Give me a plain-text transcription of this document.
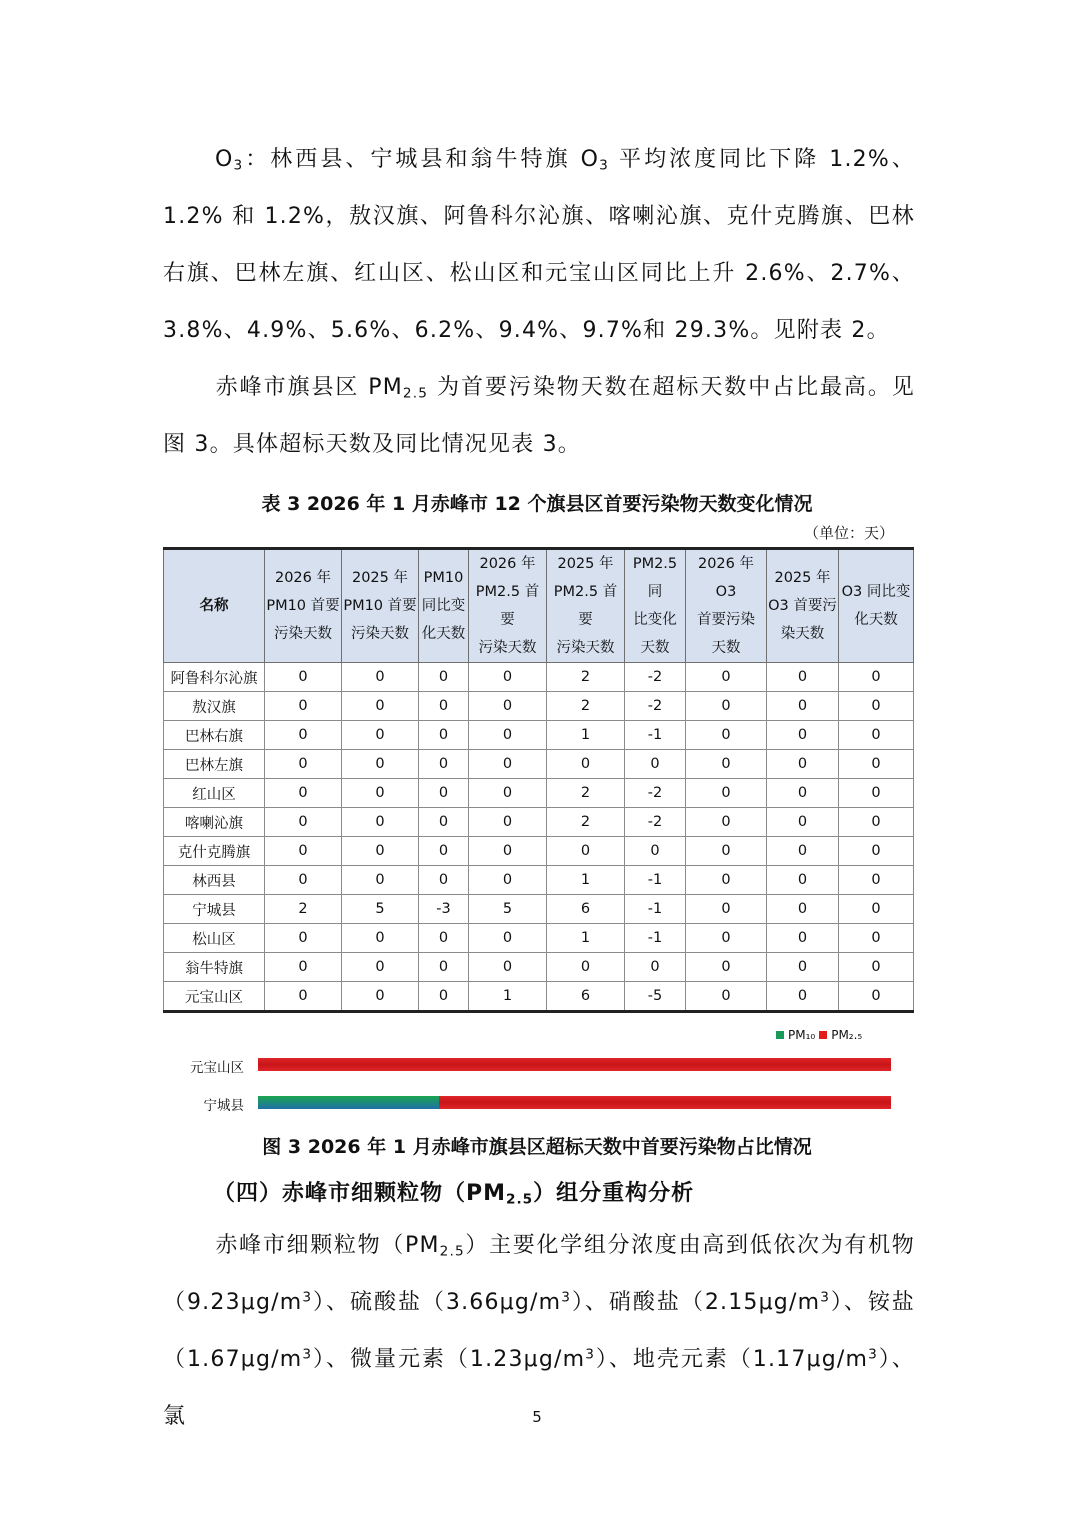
$O_3$：林西县、宁城县和翁牛特旗 $O_3$ 平均浓度同比下降 1.2%、1.2% 和 1.2%，敖汉旗、阿鲁科尔沁旗、喀喇沁旗、克什克腾旗、巴林右旗、巴林左旗、红山区、松山区和元宝山区同比上升 2.6%、2.7%、3.8%、4.9%、5.6%、6.2%、9.4%、9.7%和 29.3%。见附表 2。

赤峰市旗县区 $PM_{2.5}$ 为首要污染物天数在超标天数中占比最高。见图 3。具体超标天数及同比情况见表 3。

表 3 2026 年 1 月赤峰市 12 个旗县区首要污染物天数变化情况

（单位：天）
名称	2026 年
PM10 首要
污染天数	2025 年
PM10 首要
污染天数	PM10
同比变
化天数	2026 年
PM2.5 首要
污染天数	2025 年
PM2.5 首要
污染天数	PM2.5 同
比变化
天数	2026 年 O3
首要污染
天数	2025 年
O3 首要污
染天数	O3 同比变
化天数

阿鲁科尔沁旗	0	0	0	0	2	-2	0	0	0
敖汉旗	0	0	0	0	2	-2	0	0	0
巴林右旗	0	0	0	0	1	-1	0	0	0
巴林左旗	0	0	0	0	0	0	0	0	0
红山区	0	0	0	0	2	-2	0	0	0
喀喇沁旗	0	0	0	0	2	-2	0	0	0
克什克腾旗	0	0	0	0	0	0	0	0	0
林西县	0	0	0	0	1	-1	0	0	0
宁城县	2	5	-3	5	6	-1	0	0	0
松山区	0	0	0	0	1	-1	0	0	0
翁牛特旗	0	0	0	0	0	0	0	0	0
元宝山区	0	0	0	1	6	-5	0	0	0
PM₁₀ PM₂.₅
元宝山区
宁城县

图 3 2026 年 1 月赤峰市旗县区超标天数中首要污染物占比情况

（四）赤峰市细颗粒物$(PM_{2.5})$组分重构分析

赤峰市细颗粒物$(PM_{2.5})$主要化学组分浓度由高到低依次为有机物$(9.23\mu g/m^3)$、硫酸盐$(3.66\mu g/m^3)$、硝酸盐$(2.15\mu g/m^3)$、铵盐$(1.67\mu g/m^3)$、微量元素$(1.23\mu g/m^3)$、地壳元素$(1.17\mu g/m^3)$、氯	5
